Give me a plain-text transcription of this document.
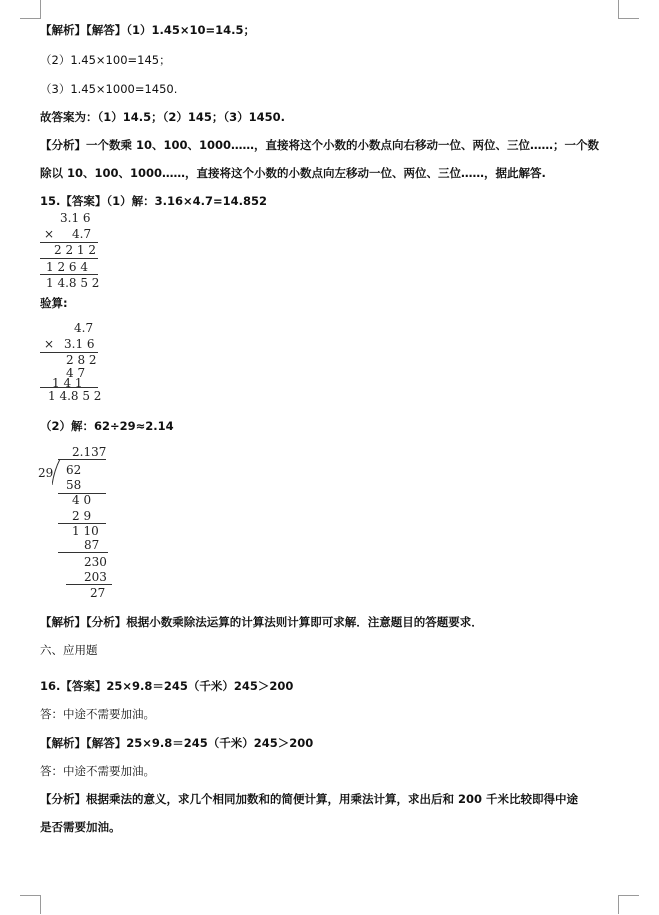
【解析】【解答】（1）1.45×10=14.5；
（2）1.45×100=145；
（3）1.45×1000=1450.
故答案为：（1）14.5；（2）145；（3）1450.
【分析】一个数乘 10、100、1000……，直接将这个小数的小数点向右移动一位、两位、三位……；一个数
除以 10、100、1000……，直接将这个小数的小数点向左移动一位、两位、三位……，据此解答.
15.【答案】（1）解：3.16×4.7=14.852
3.1 6
× 4.7
2 2 1 2
1 2 6 4
1 4.8 5 2
验算:
4.7
× 3.1 6
2 8 2
4 7
1 4 1
1 4.8 5 2
（2）解：62÷29≈2.14
2.137
29 62
58
4 0
2 9
1 10
87
230
203
27
【解析】【分析】根据小数乘除法运算的计算法则计算即可求解．注意题目的答题要求．
六、应用题
16.【答案】25×9.8＝245（千米）245＞200
答：中途不需要加油。
【解析】【解答】25×9.8＝245（千米）245＞200
答：中途不需要加油。
【分析】根据乘法的意义，求几个相同加数和的简便计算，用乘法计算，求出后和 200 千米比较即得中途
是否需要加油。
